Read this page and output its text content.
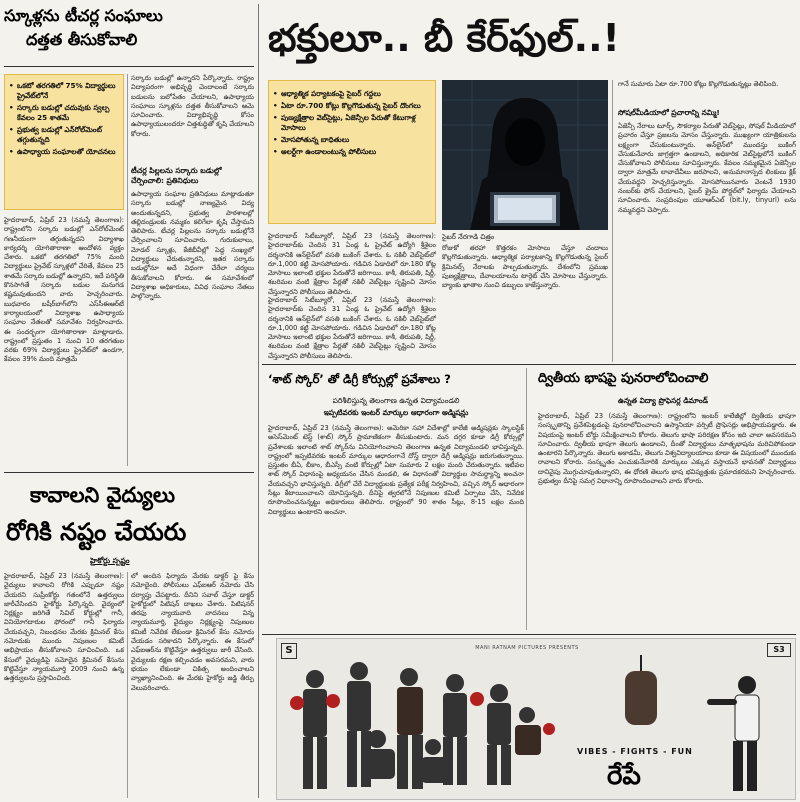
స్కూళ్లను టీచర్ల సంఘాలు
దత్తత తీసుకోవాలి
• ఒకటో తరగతిలో 75% విద్యార్థులు ప్రైవేట్‌లోనే
• సర్కారు బడుల్లో చదువుకు స్వల్ప కేవలం 25 శాతమే
• ప్రభుత్వ బడుల్లో ఎన్‌రోల్‌మెంట్ తగ్గుతున్నది
• ఉపాధ్యాయ సంఘాలతో యోచనలు
హైదరాబాద్, ఏప్రిల్ 23 (నమస్తే తెలంగాణ): రాష్ట్రంలోని సర్కారు బడుల్లో ఎన్‌రోల్‌మెంట్ గణనీయంగా తగ్గుతున్నదని విద్యాశాఖ కార్యదర్శి యోగితారాణా ఆందోళన వ్యక్తం చేశారు. ఒకటో తరగతిలో 75% మంది విద్యార్థులు ప్రైవేట్ స్కూళ్లలో చేరితే, కేవలం 25 శాతమే సర్కారు బడుల్లో ఉన్నారని, ఇదే పరిస్థితి కొనసాగితే సర్కారు బడుల మనుగడ కష్టమవుతుందని వారు హెచ్చరించారు. బుధవారం బషీర్‌బాగ్‌లోని ఎస్‌సీఈఆర్‌టీ కార్యాలయంలో విద్యాశాఖ ఉపాధ్యాయ సంఘాల నేతలతో సమావేశం నిర్వహించారు. ఈ సందర్భంగా యోగితారాణా మాట్లాడారు. రాష్ట్రంలో ప్రస్తుతం 1 నుంచి 10 తరగతుల వరకు 69% విద్యార్థులు ప్రైవేట్‌లో ఉండగా, కేవలం 39% మంది మాత్రమే
సర్కారు బడుల్లో ఉన్నారని పేర్కొన్నారు. రాష్ట్రం విద్యాపరంగా అభివృద్ధి చెందాలంటే సర్కారు బడులను బలోపేతం చేయాలని, ఉపాధ్యాయ సంఘాలు స్కూళ్లను దత్తత తీసుకోవాలని ఆమె సూచించారు. విద్యాభివృద్ధి కోసం ఉపాధ్యాయులందరూ చిత్తశుద్ధితో కృషి చేయాలని కోరారు.
టీచర్ల పిల్లలను సర్కారు బడుల్లో చేర్పించాలి: ప్రతినిధులు
ఉపాధ్యాయ సంఘాల ప్రతినిధులు మాట్లాడుతూ సర్కారు బడుల్లో నాణ్యమైన విద్య అందుతున్నదని, ప్రభుత్వ పాఠశాలల్లో తల్లిదండ్రులకు నమ్మకం కలిగేలా కృషి చేస్తామని తెలిపారు. టీచర్ల పిల్లలను సర్కారు బడుల్లోనే చేర్పించాలని సూచించారు. గురుకులాలు, మోడల్ స్కూళ్లు, కేజీబీవీల్లో పెద్ద సంఖ్యలో విద్యార్థులు చేరుతున్నారని, ఇతర సర్కారు బడుల్లోనూ అదే విధంగా చేరేలా చర్యలు తీసుకోవాలని కోరారు. ఈ సమావేశంలో విద్యాశాఖ అధికారులు, వివిధ సంఘాల నేతలు పాల్గొన్నారు.
కావాలని వైద్యులు
రోగికి నష్టం చేయరు
హైకోర్టు స్పష్టం
హైదరాబాద్, ఏప్రిల్ 23 (నమస్తే తెలంగాణ): వైద్యులు కావాలని రోగికి ఎప్పుడూ నష్టం చేయరని సుప్రీంకోర్టు గతంలోనే ఉత్తర్వులు జారీచేసిందని హైకోర్టు పేర్కొన్నది. వైద్యంలో నిర్లక్ష్యం జరిగితే సివిల్ కోర్టుల్లో గానీ, వినియోగదారుల ఫోరంలో గానీ ఫిర్యాదు చేయవచ్చని, నిబంధనల మేరకు క్రిమినల్ కేసు నమోదుకు ముందు నిపుణుల కమిటీ అభిప్రాయం తీసుకోవాలని సూచించింది. ఒక కేసులో వైద్యుడిపై నమోదైన క్రిమినల్ కేసును కొట్టివేస్తూ న్యాయమూర్తి 2009 నుంచి ఉన్న ఉత్తర్వులను ప్రస్తావించింది.
లో అందిన ఫిర్యాదు మేరకు డాక్టర్‌ పై కేసు నమోదైంది. పోలీసులు ఎఫ్‌ఐఆర్ నమోదు చేసి దర్యాప్తు చేపట్టారు. దీనిని సవాల్ చేస్తూ డాక్టర్ హైకోర్టులో పిటిషన్ దాఖలు చేశారు. పిటిషనర్ తరఫు న్యాయవాది వాదనలు విన్న న్యాయమూర్తి, వైద్యుల నిర్లక్ష్యంపై నిపుణుల కమిటీ నివేదిక లేకుండా క్రిమినల్ కేసు నమోదు చేయడం సరికాదని పేర్కొన్నారు. ఈ కేసులో ఎఫ్‌ఐఆర్‌ను కొట్టివేస్తూ ఉత్తర్వులు జారీ చేసింది. వైద్యులకు రక్షణ కల్పించడం అవసరమని, వారు భయం లేకుండా చికిత్స అందించాలని వ్యాఖ్యానించింది. ఈ మేరకు హైకోర్టు జడ్జి తీర్పు వెలువరించారు.
భక్తులూ.. బీ కేర్‌ఫుల్..!
• ఆధ్యాత్మిక పర్యాటకంపై సైబర్ గద్దలు
• ఏటా రూ.700 కోట్లు కొల్లగొడుతున్న సైబర్ దొంగలు
• పుణ్యక్షేత్రాల వెబ్‌సైట్లు, ఏజెన్సీల పేరుతో కేటుగాళ్ల మోసాలు
• మోసపోతున్న బాధితులు
• అలర్ట్‌గా ఉండాలంటున్న పోలీసులు
సైబర్ నేరగాడి చిత్రం
హైదరాబాద్ సిటీబ్యూరో, ఏప్రిల్ 23 (నమస్తే తెలంగాణ): హైదరాబాద్‌కు చెందిన 31 ఏండ్ల ఓ ప్రైవేట్ ఉద్యోగి శ్రీశైలం దర్శనానికి ఆన్‌లైన్‌లో వసతి బుకింగ్ చేశారు. ఓ నకిలీ వెబ్‌సైట్‌లో రూ.1,000 కట్టి మోసపోయారు. గడిచిన ఏడాదిలో రూ.180 కోట్ల మోసాలు ఇలాంటి భక్తుల పేరుతోనే జరిగాయి. కాశీ, తిరుపతి, షిర్డీ, శబరిమల వంటి క్షేత్రాల పేర్లతో నకిలీ వెబ్‌సైట్లు సృష్టించి మోసం చేస్తున్నారని పోలీసులు తెలిపారు.
రోజుకో తరహా కొత్తరకం మోసాలు చేస్తూ చందాలు కొల్లగొడుతున్నారు. ఆధ్యాత్మిక పర్యాటకాన్ని కొల్లగొడుతున్న సైబర్ క్రిమినల్స్ నేరాలకు పాల్పడుతున్నారు. దేశంలోని ప్రముఖ పుణ్యక్షేత్రాలు, దేవాలయాలను టార్గెట్ చేసి మోసాలు చేస్తున్నారు. బ్యాంకు ఖాతాల నుంచి డబ్బులు కాజేస్తున్నారు.
హైదరాబాద్ సిటీబ్యూరో, ఏప్రిల్ 23 (నమస్తే తెలంగాణ): హైదరాబాద్‌కు చెందిన 31 ఏండ్ల ఓ ప్రైవేట్ ఉద్యోగి శ్రీశైలం దర్శనానికి ఆన్‌లైన్‌లో వసతి బుకింగ్ చేశారు. ఓ నకిలీ వెబ్‌సైట్‌లో రూ.1,000 కట్టి మోసపోయారు. గడిచిన ఏడాదిలో రూ.180 కోట్ల మోసాలు ఇలాంటి భక్తుల పేరుతోనే జరిగాయి. కాశీ, తిరుపతి, షిర్డీ, శబరిమల వంటి క్షేత్రాల పేర్లతో నకిలీ వెబ్‌సైట్లు సృష్టించి మోసం చేస్తున్నారని పోలీసులు తెలిపారు.
గానే సుమారు ఏటా రూ.700 కోట్లు కొల్లగొడుతున్నట్లు తెలిపింది.
సోషల్‌మీడియాలో ప్రచారాన్ని నమ్మి!
ఏజెన్సీ నేరాలు టూర్స్, సౌకర్యాల పేరుతో వెబ్‌సైట్లు, సోషల్ మీడియాలో ప్రచారం చేస్తూ ప్రజలను మోసం చేస్తున్నారు. ముఖ్యంగా యాత్రికులను లక్ష్యంగా చేసుకుంటున్నారు. ఆన్‌లైన్‌లో ముందస్తు బుకింగ్ చేసుకునేవారు జాగ్రత్తగా ఉండాలని, అధికారిక వెబ్‌సైట్లలోనే బుకింగ్ చేసుకోవాలని పోలీసులు సూచిస్తున్నారు. కేవలం నమ్మకమైన ఏజెన్సీల ద్వారా మాత్రమే లావాదేవీలు జరపాలని, అనుమానాస్పద లింకులు క్లిక్ చేయవద్దని హెచ్చరిస్తున్నారు. మోసపోయినవారు వెంటనే 1930 నంబర్‌కు ఫోన్ చేయాలని, సైబర్ క్రైమ్ పోర్టల్‌లో ఫిర్యాదు చేయాలని సూచించారు. సంప్రదింపుల యూఆర్ఎల్ (bit.ly, tinyurl) లను నమ్మవద్దని చెప్పారు.
‘శాట్ స్కోర్’ తో డిగ్రీ కోర్సుల్లో ప్రవేశాలు ?
పరిశీలిస్తున్న తెలంగాణ ఉన్నత విద్యామండలి
ఇప్పటివరకు ఇంటర్ మార్కుల ఆధారంగా అడ్మిషన్లు
హైదరాబాద్, ఏప్రిల్ 23 (నమస్తే తెలంగాణ): అమెరికా సహా విదేశాల్లో కాలేజీ అడ్మిషన్లకు స్కాలస్టిక్ అసెస్‌మెంట్ టెస్ట్ (శాట్) స్కోర్ ప్రామాణికంగా తీసుకుంటారు. మన దగ్గర కూడా డిగ్రీ కోర్సుల్లో ప్రవేశాలకు ఇలాంటి శాట్ స్కోర్‌ను వినియోగించాలని తెలంగాణ ఉన్నత విద్యామండలి భావిస్తున్నది. రాష్ట్రంలో ఇప్పటివరకు ఇంటర్ మార్కుల ఆధారంగానే దోస్త్ ద్వారా డిగ్రీ అడ్మిషన్లు జరుగుతున్నాయి. ప్రస్తుతం బీఏ, బీకాం, బీఎస్సీ వంటి కోర్సుల్లో ఏటా సుమారు 2 లక్షల మంది చేరుతున్నారు. ఇటీవల శాట్ స్కోర్ విధానంపై అధ్యయనం చేసిన మండలి, ఈ విధానంతో విద్యార్థుల సామర్థ్యాన్ని అంచనా వేయవచ్చని భావిస్తున్నది. డిగ్రీలో చేరే విద్యార్థులకు ప్రత్యేక పరీక్ష నిర్వహించి, వచ్చిన స్కోర్ ఆధారంగా సీట్లు కేటాయించాలని యోచిస్తున్నది. దీనిపై త్వరలోనే నిపుణుల కమిటీ ఏర్పాటు చేసి, నివేదిక రూపొందించనున్నట్టు అధికారులు తెలిపారు. రాష్ట్రంలో 90 శాతం సీట్లు, 8-15 లక్షల మంది విద్యార్థులు ఉంటారని అంచనా.
ద్వితీయ భాషపై పునరాలోచించాలి
ఉన్నత విద్యా ప్రొఫెసర్ల డిమాండ్
హైదరాబాద్, ఏప్రిల్ 23 (నమస్తే తెలంగాణ): రాష్ట్రంలోని ఇంటర్ కాలేజీల్లో ద్వితీయ భాషగా సంస్కృతాన్ని ప్రవేశపెట్టడంపై పునరాలోచించాలని ఉస్మానియా వర్సిటీ ప్రొఫెసర్లు అభిప్రాయపడ్డారు. ఈ విషయంపై ఇంటర్ బోర్డు సమీక్షించాలని కోరారు. తెలుగు భాషా పరిరక్షణ కోసం ఇది చాలా అవసరమని సూచించారు. ద్వితీయ భాషగా తెలుగు ఉండాలని, దీంతో విద్యార్థులు మాతృభాషను మరిచిపోకుండా ఉంటారని పేర్కొన్నారు. తెలుగు అకాడమీ, తెలుగు విశ్వవిద్యాలయాలు కూడా ఈ విషయంలో ముందుకు రావాలని కోరారు. సంస్కృతం ఎంచుకునేవారికి మార్కులు ఎక్కువ వస్తాయనే భావనతో విద్యార్థులు దానివైపు మొగ్గుచూపుతున్నారని, ఈ ధోరణి తెలుగు భాష భవిష్యత్తుకు ప్రమాదకరమని హెచ్చరించారు. ప్రభుత్వం దీనిపై సమగ్ర విధానాన్ని రూపొందించాలని వారు కోరారు.
S	MANI RATNAM PICTURES PRESENTS	S3
VIBES - FIGHTS - FUN
రేపే
